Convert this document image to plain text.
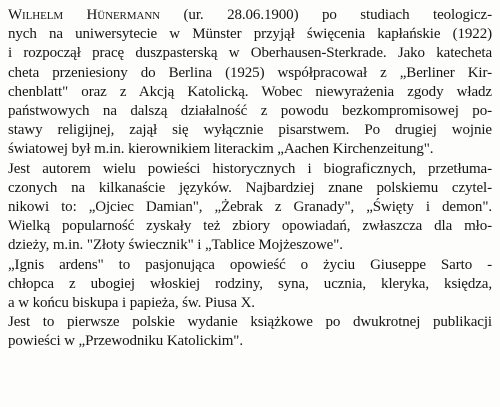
Wilhelm Hünermann (ur. 28.06.1900) po studiach teologicz-
nych na uniwersytecie w Münster przyjął święcenia kapłańskie (1922)
i rozpoczął pracę duszpasterską w Oberhausen-Sterkrade. Jako katecheta
cheta przeniesiony do Berlina (1925) współpracował z „Berliner Kir-
chenblatt" oraz z Akcją Katolicką. Wobec niewyrażenia zgody władz
państwowych na dalszą działalność z powodu bezkompromisowej po-
stawy religijnej, zajął się wyłącznie pisarstwem. Po drugiej wojnie
światowej był m.in. kierownikiem literackim „Aachen Kirchenzeitung".

Jest autorem wielu powieści historycznych i biograficznych, przetłuma-
czonych na kilkanaście języków. Najbardziej znane polskiemu czytel-
nikowi to: „Ojciec Damian", „Żebrak z Granady", „Święty i demon".
Wielką popularność zyskały też zbiory opowiadań, zwłaszcza dla mło-
dzieży, m.in. "Złoty świecznik" i „Tablice Mojżeszowe".

„Ignis ardens" to pasjonująca opowieść o życiu Giuseppe Sarto -
chłopca z ubogiej włoskiej rodziny, syna, ucznia, kleryka, księdza,
a w końcu biskupa i papieża, św. Piusa X.

Jest to pierwsze polskie wydanie książkowe po dwukrotnej publikacji
powieści w „Przewodniku Katolickim".
